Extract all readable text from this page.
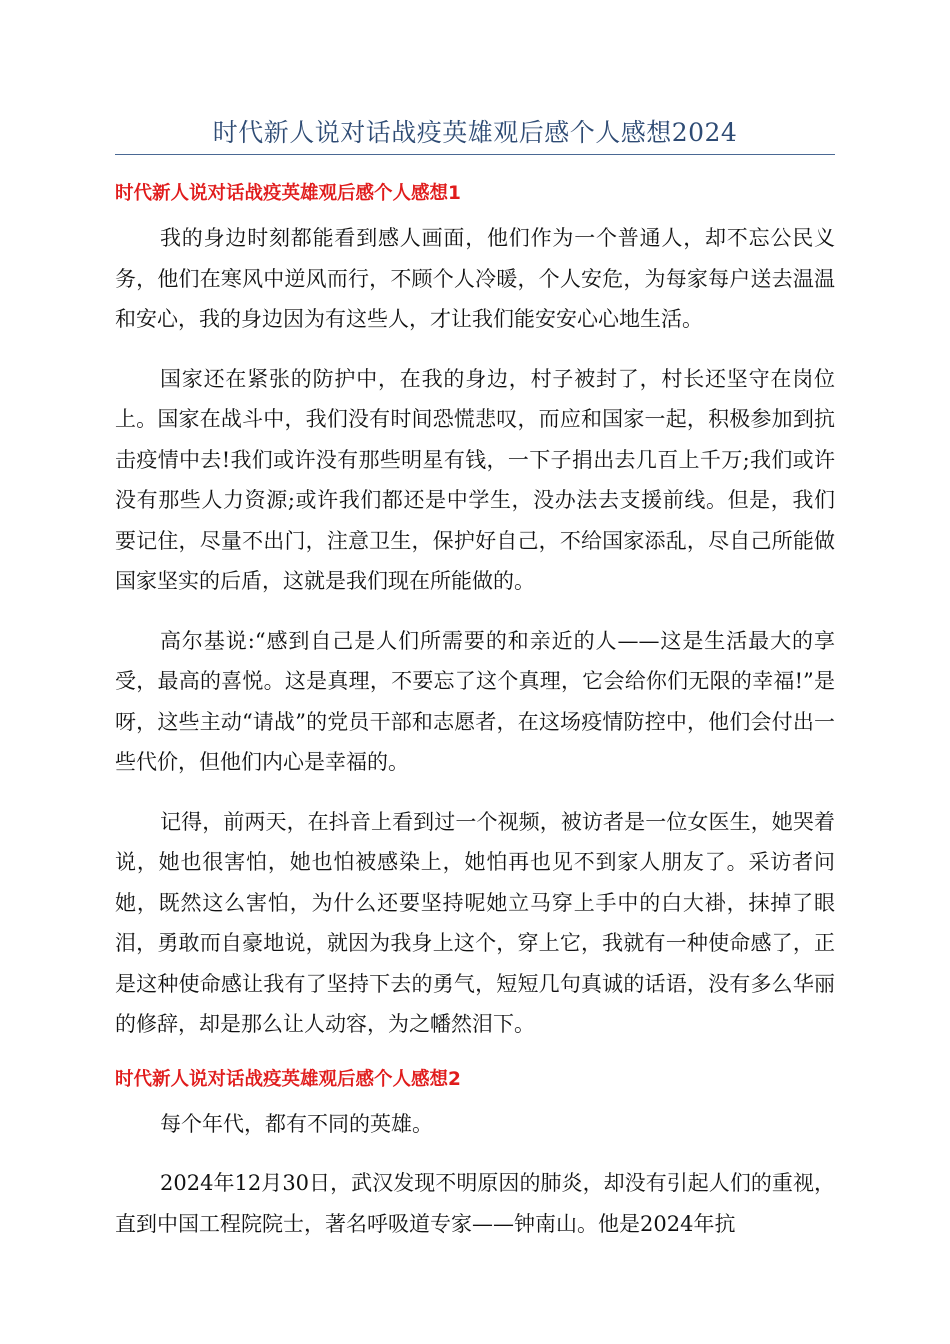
时代新人说对话战疫英雄观后感个人感想2024
时代新人说对话战疫英雄观后感个人感想1

我的身边时刻都能看到感人画面，他们作为一个普通人，却不忘公民义务，他们在寒风中逆风而行，不顾个人冷暖，个人安危，为每家每户送去温温和安心，我的身边因为有这些人，才让我们能安安心心地生活。

国家还在紧张的防护中，在我的身边，村子被封了，村长还坚守在岗位上。国家在战斗中，我们没有时间恐慌悲叹，而应和国家一起，积极参加到抗击疫情中去!我们或许没有那些明星有钱，一下子捐出去几百上千万;我们或许没有那些人力资源;或许我们都还是中学生，没办法去支援前线。但是，我们要记住，尽量不出门，注意卫生，保护好自己，不给国家添乱，尽自己所能做国家坚实的后盾，这就是我们现在所能做的。

高尔基说:“感到自己是人们所需要的和亲近的人——这是生活最大的享受，最高的喜悦。这是真理，不要忘了这个真理，它会给你们无限的幸福!”是呀，这些主动“请战”的党员干部和志愿者，在这场疫情防控中，他们会付出一些代价，但他们内心是幸福的。

记得，前两天，在抖音上看到过一个视频，被访者是一位女医生，她哭着说，她也很害怕，她也怕被感染上，她怕再也见不到家人朋友了。采访者问她，既然这么害怕，为什么还要坚持呢她立马穿上手中的白大褂，抹掉了眼泪，勇敢而自豪地说，就因为我身上这个，穿上它，我就有一种使命感了，正是这种使命感让我有了坚持下去的勇气，短短几句真诚的话语，没有多么华丽的修辞，却是那么让人动容，为之幡然泪下。

时代新人说对话战疫英雄观后感个人感想2

每个年代，都有不同的英雄。

2024年12月30日，武汉发现不明原因的肺炎，却没有引起人们的重视，直到中国工程院院士，著名呼吸道专家——钟南山。他是2024年抗
